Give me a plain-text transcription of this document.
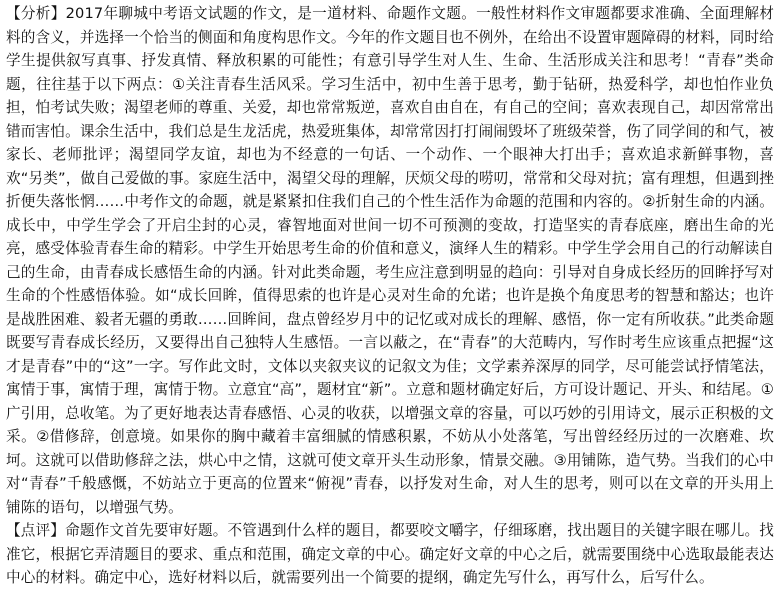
【分析】2017年聊城中考语文试题的作文，是一道材料、命题作文题。一般性材料作文审题都要求准确、全面理解材料的含义，并选择一个恰当的侧面和角度构思作文。今年的作文题目也不例外，在给出不设置审题障碍的材料，同时给学生提供叙写真事、抒发真情、释放积累的可能性；有意引导学生对人生、生命、生活形成关注和思考！“青春”类命题，往往基于以下两点：①关注青春生活风采。学习生活中，初中生善于思考，勤于钻研，热爱科学，却也怕作业负担，怕考试失败；渴望老师的尊重、关爱，却也常常叛逆，喜欢自由自在，有自己的空间；喜欢表现自己，却因常常出错而害怕。课余生活中，我们总是生龙活虎，热爱班集体，却常常因打打闹闹毁坏了班级荣誉，伤了同学间的和气，被家长、老师批评；渴望同学友谊，却也为不经意的一句话、一个动作、一个眼神大打出手；喜欢追求新鲜事物，喜欢“另类”，做自己爱做的事。家庭生活中，渴望父母的理解，厌烦父母的唠叨，常常和父母对抗；富有理想，但遇到挫折便失落怅惘……中考作文的命题，就是紧紧扣住我们自己的个性生活作为命题的范围和内容的。②折射生命的内涵。成长中，中学生学会了开启尘封的心灵，睿智地面对世间一切不可预测的变故，打造坚实的青春底座，磨出生命的光亮，感受体验青春生命的精彩。中学生开始思考生命的价值和意义，演绎人生的精彩。中学生学会用自己的行动解读自己的生命，由青春成长感悟生命的内涵。针对此类命题，考生应注意到明显的趋向：引导对自身成长经历的回眸抒写对生命的个性感悟体验。如“成长回眸，值得思索的也许是心灵对生命的允诺；也许是换个角度思考的智慧和豁达；也许是战胜困难、毅者无疆的勇敢……回眸间，盘点曾经岁月中的记忆或对成长的理解、感悟，你一定有所收获。”此类命题既要写青春成长经历，又要得出自己独特人生感悟。一言以蔽之，在“青春”的大范畴内，写作时考生应该重点把握“这才是青春”中的“这”一字。写作此文时，文体以夹叙夹议的记叙文为佳；文学素养深厚的同学，尽可能尝试抒情笔法，寓情于事，寓情于理，寓情于物。立意宜“高”，题材宜“新”。立意和题材确定好后，方可设计题记、开头、和结尾。①广引用，总收笔。为了更好地表达青春感悟、心灵的收获，以增强文章的容量，可以巧妙的引用诗文，展示正积极的文采。②借修辞，创意境。如果你的胸中藏着丰富细腻的情感积累，不妨从小处落笔，写出曾经经历过的一次磨难、坎坷。这就可以借助修辞之法，烘心中之情，这就可使文章开头生动形象，情景交融。③用铺陈，造气势。当我们的心中对“青春”千般感慨，不妨站立于更高的位置来“俯视”青春，以抒发对生命，对人生的思考，则可以在文章的开头用上铺陈的语句，以增强气势。

【点评】命题作文首先要审好题。不管遇到什么样的题目，都要咬文嚼字，仔细琢磨，找出题目的关键字眼在哪儿。找准它，根据它弄清题目的要求、重点和范围，确定文章的中心。确定好文章的中心之后，就需要围绕中心选取最能表达中心的材料。确定中心，选好材料以后，就需要列出一个简要的提纲，确定先写什么，再写什么，后写什么。
